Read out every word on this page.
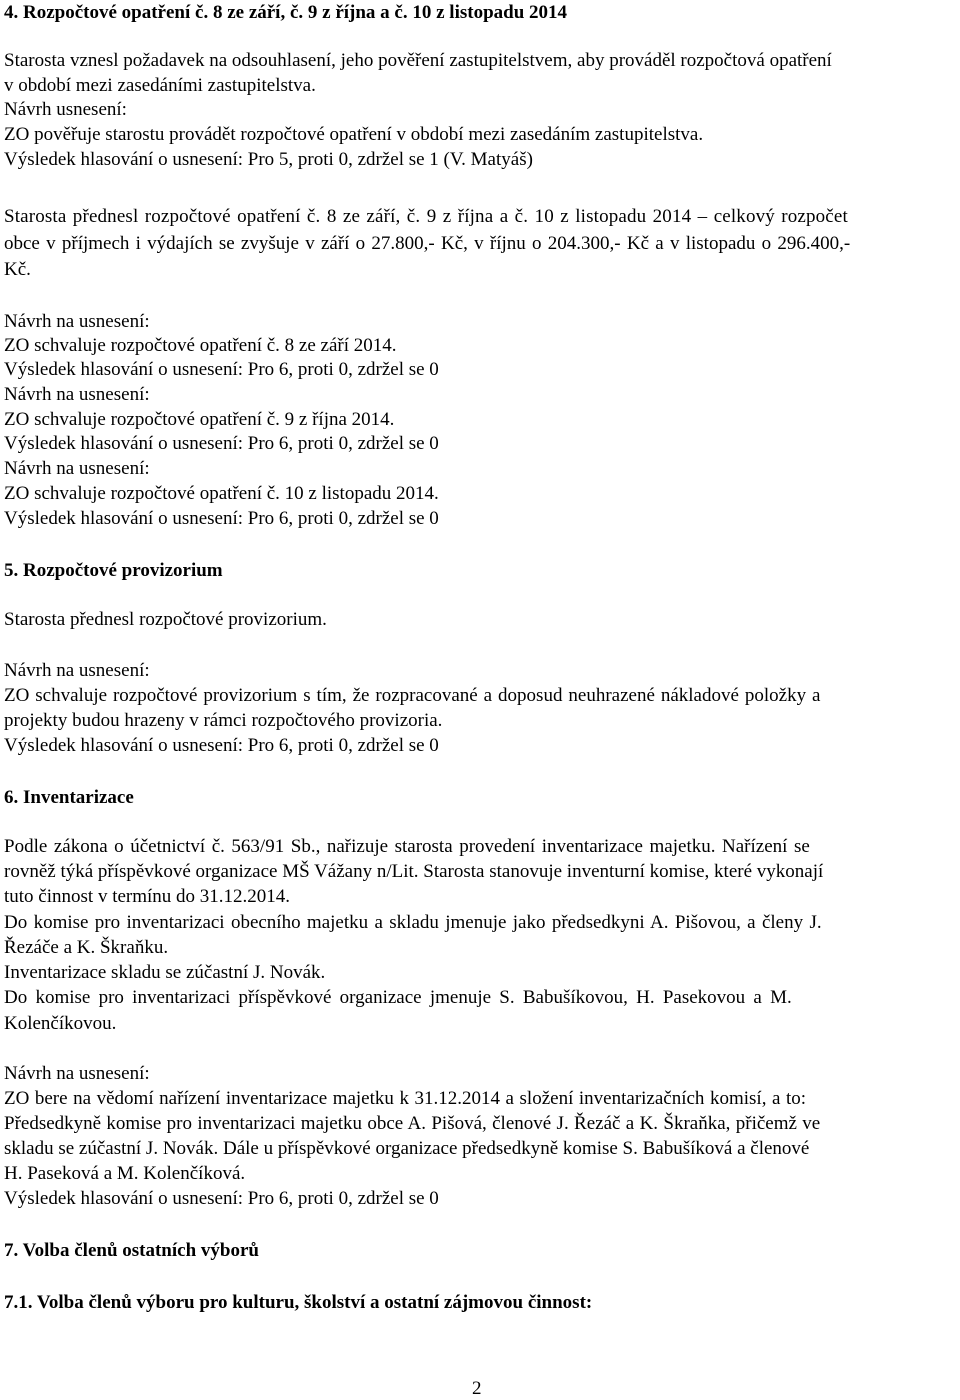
4. Rozpočtové opatření č. 8 ze září, č. 9 z října a č. 10 z listopadu 2014
Starosta vznesl požadavek na odsouhlasení, jeho pověření zastupitelstvem, aby prováděl rozpočtová opatření
v období mezi zasedáními zastupitelstva.
Návrh usnesení:
ZO pověřuje starostu provádět rozpočtové opatření v období mezi zasedáním zastupitelstva.
Výsledek hlasování o usnesení: Pro 5, proti 0, zdržel se 1 (V. Matyáš)
Starosta přednesl rozpočtové opatření č. 8 ze září, č. 9 z října a č. 10 z listopadu 2014 – celkový rozpočet
obce v příjmech i výdajích se zvyšuje v září o 27.800,- Kč, v říjnu o 204.300,- Kč a v listopadu o 296.400,-
Kč.
Návrh na usnesení:
ZO schvaluje rozpočtové opatření č. 8 ze září 2014.
Výsledek hlasování o usnesení: Pro 6, proti 0, zdržel se 0
Návrh na usnesení:
ZO schvaluje rozpočtové opatření č. 9 z října 2014.
Výsledek hlasování o usnesení: Pro 6, proti 0, zdržel se 0
Návrh na usnesení:
ZO schvaluje rozpočtové opatření č. 10 z listopadu 2014.
Výsledek hlasování o usnesení: Pro 6, proti 0, zdržel se 0
5. Rozpočtové provizorium
Starosta přednesl rozpočtové provizorium.
Návrh na usnesení:
ZO schvaluje rozpočtové provizorium s tím, že rozpracované a doposud neuhrazené nákladové položky a
projekty budou hrazeny v rámci rozpočtového provizoria.
Výsledek hlasování o usnesení: Pro 6, proti 0, zdržel se 0
6. Inventarizace
Podle zákona o účetnictví č. 563/91 Sb., nařizuje starosta provedení inventarizace majetku. Nařízení se
rovněž týká příspěvkové organizace MŠ Vážany n/Lit. Starosta stanovuje inventurní komise, které vykonají
tuto činnost v termínu do 31.12.2014.
Do komise pro inventarizaci obecního majetku a skladu jmenuje jako předsedkyni A. Pišovou, a členy J.
Řezáče a K. Škraňku.
Inventarizace skladu se zúčastní J. Novák.
Do komise pro inventarizaci příspěvkové organizace jmenuje S. Babušíkovou, H. Pasekovou a M.
Kolenčíkovou.
Návrh na usnesení:
ZO bere na vědomí nařízení inventarizace majetku k 31.12.2014 a složení inventarizačních komisí, a to:
Předsedkyně komise pro inventarizaci majetku obce A. Pišová, členové J. Řezáč a K. Škraňka, přičemž ve
skladu se zúčastní J. Novák. Dále u příspěvkové organizace předsedkyně komise S. Babušíková a členové
H. Paseková a M. Kolenčíková.
Výsledek hlasování o usnesení: Pro 6, proti 0, zdržel se 0
7. Volba členů ostatních výborů
7.1. Volba členů výboru pro kulturu, školství a ostatní zájmovou činnost:
2
